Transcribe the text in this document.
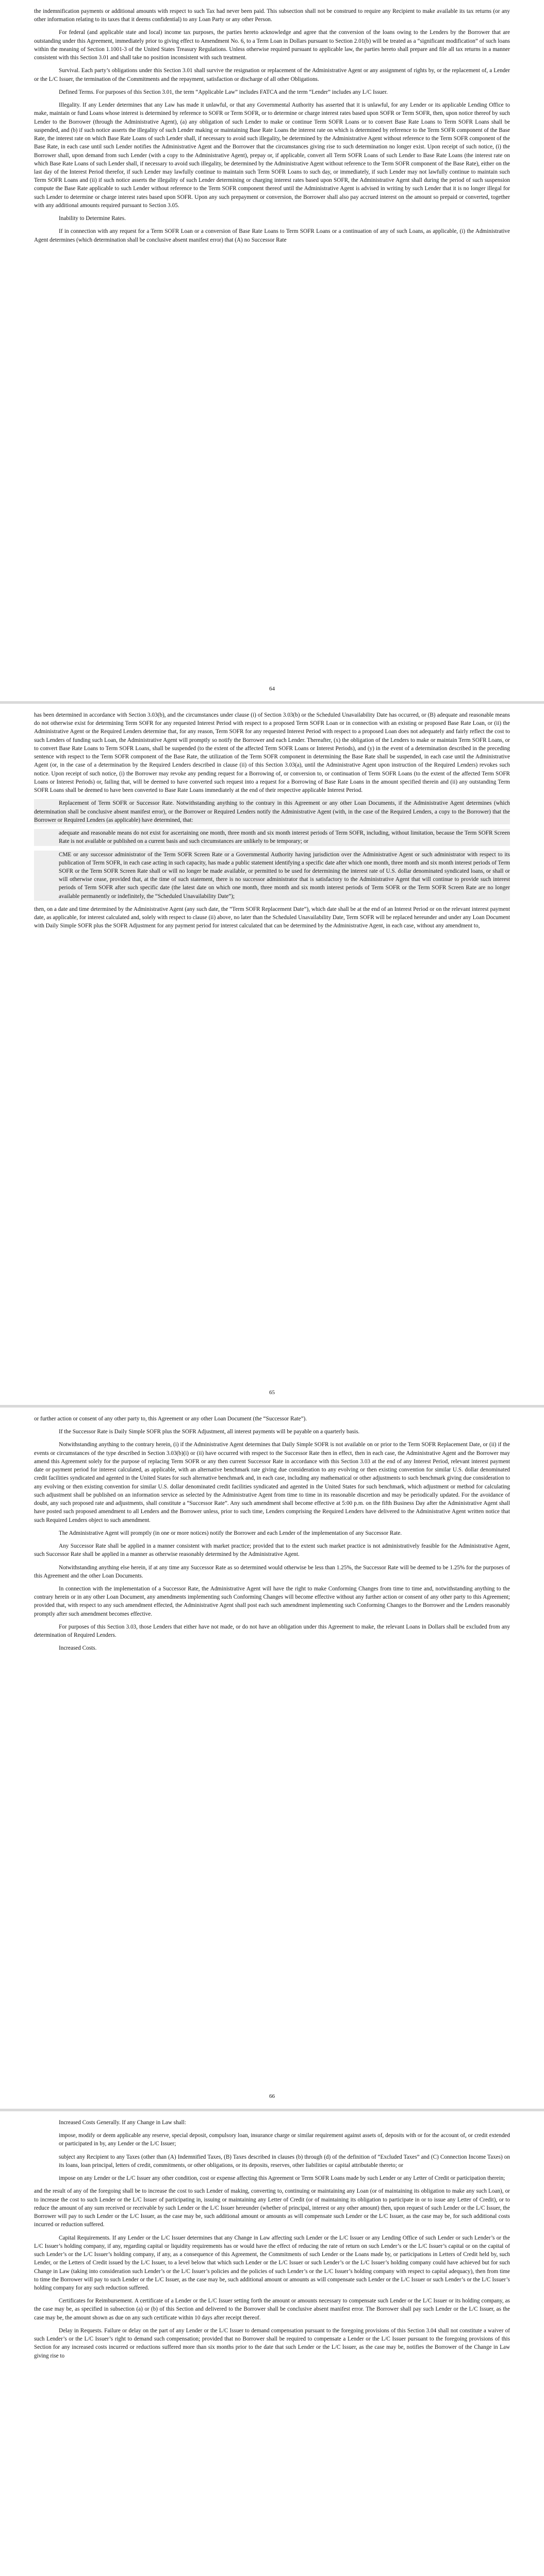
the indemnification payments or additional amounts with respect to such Tax had never been paid. This subsection shall not be construed to require any Recipient to make available its tax returns (or any other information relating to its taxes that it deems confidential) to any Loan Party or any other Person.

For federal (and applicable state and local) income tax purposes, the parties hereto acknowledge and agree that the conversion of the loans owing to the Lenders by the Borrower that are outstanding under this Agreement, immediately prior to giving effect to Amendment No. 6, to a Term Loan in Dollars pursuant to Section 2.01(b) will be treated as a “significant modification” of such loans within the meaning of Section 1.1001-3 of the United States Treasury Regulations. Unless otherwise required pursuant to applicable law, the parties hereto shall prepare and file all tax returns in a manner consistent with this Section 3.01 and shall take no position inconsistent with such treatment.

Survival. Each party’s obligations under this Section 3.01 shall survive the resignation or replacement of the Administrative Agent or any assignment of rights by, or the replacement of, a Lender or the L/C Issuer, the termination of the Commitments and the repayment, satisfaction or discharge of all other Obligations.

Defined Terms. For purposes of this Section 3.01, the term “Applicable Law” includes FATCA and the term “Lender” includes any L/C Issuer.

Illegality. If any Lender determines that any Law has made it unlawful, or that any Governmental Authority has asserted that it is unlawful, for any Lender or its applicable Lending Office to make, maintain or fund Loans whose interest is determined by reference to SOFR or Term SOFR, or to determine or charge interest rates based upon SOFR or Term SOFR, then, upon notice thereof by such Lender to the Borrower (through the Administrative Agent), (a) any obligation of such Lender to make or continue Term SOFR Loans or to convert Base Rate Loans to Term SOFR Loans shall be suspended, and (b) if such notice asserts the illegality of such Lender making or maintaining Base Rate Loans the interest rate on which is determined by reference to the Term SOFR component of the Base Rate, the interest rate on which Base Rate Loans of such Lender shall, if necessary to avoid such illegality, be determined by the Administrative Agent without reference to the Term SOFR component of the Base Rate, in each case until such Lender notifies the Administrative Agent and the Borrower that the circumstances giving rise to such determination no longer exist. Upon receipt of such notice, (i) the Borrower shall, upon demand from such Lender (with a copy to the Administrative Agent), prepay or, if applicable, convert all Term SOFR Loans of such Lender to Base Rate Loans (the interest rate on which Base Rate Loans of such Lender shall, if necessary to avoid such illegality, be determined by the Administrative Agent without reference to the Term SOFR component of the Base Rate), either on the last day of the Interest Period therefor, if such Lender may lawfully continue to maintain such Term SOFR Loans to such day, or immediately, if such Lender may not lawfully continue to maintain such Term SOFR Loans and (ii) if such notice asserts the illegality of such Lender determining or charging interest rates based upon SOFR, the Administrative Agent shall during the period of such suspension compute the Base Rate applicable to such Lender without reference to the Term SOFR component thereof until the Administrative Agent is advised in writing by such Lender that it is no longer illegal for such Lender to determine or charge interest rates based upon SOFR. Upon any such prepayment or conversion, the Borrower shall also pay accrued interest on the amount so prepaid or converted, together with any additional amounts required pursuant to Section 3.05.

Inability to Determine Rates.

If in connection with any request for a Term SOFR Loan or a conversion of Base Rate Loans to Term SOFR Loans or a continuation of any of such Loans, as applicable, (i) the Administrative Agent determines (which determination shall be conclusive absent manifest error) that (A) no Successor Rate

64

has been determined in accordance with Section 3.03(b), and the circumstances under clause (i) of Section 3.03(b) or the Scheduled Unavailability Date has occurred, or (B) adequate and reasonable means do not otherwise exist for determining Term SOFR for any requested Interest Period with respect to a proposed Term SOFR Loan or in connection with an existing or proposed Base Rate Loan, or (ii) the Administrative Agent or the Required Lenders determine that, for any reason, Term SOFR for any requested Interest Period with respect to a proposed Loan does not adequately and fairly reflect the cost to such Lenders of funding such Loan, the Administrative Agent will promptly so notify the Borrower and each Lender. Thereafter, (x) the obligation of the Lenders to make or maintain Term SOFR Loans, or to convert Base Rate Loans to Term SOFR Loans, shall be suspended (to the extent of the affected Term SOFR Loans or Interest Periods), and (y) in the event of a determination described in the preceding sentence with respect to the Term SOFR component of the Base Rate, the utilization of the Term SOFR component in determining the Base Rate shall be suspended, in each case until the Administrative Agent (or, in the case of a determination by the Required Lenders described in clause (ii) of this Section 3.03(a), until the Administrative Agent upon instruction of the Required Lenders) revokes such notice. Upon receipt of such notice, (i) the Borrower may revoke any pending request for a Borrowing of, or conversion to, or continuation of Term SOFR Loans (to the extent of the affected Term SOFR Loans or Interest Periods) or, failing that, will be deemed to have converted such request into a request for a Borrowing of Base Rate Loans in the amount specified therein and (ii) any outstanding Term SOFR Loans shall be deemed to have been converted to Base Rate Loans immediately at the end of their respective applicable Interest Period.

Replacement of Term SOFR or Successor Rate. Notwithstanding anything to the contrary in this Agreement or any other Loan Documents, if the Administrative Agent determines (which determination shall be conclusive absent manifest error), or the Borrower or Required Lenders notify the Administrative Agent (with, in the case of the Required Lenders, a copy to the Borrower) that the Borrower or Required Lenders (as applicable) have determined, that:

adequate and reasonable means do not exist for ascertaining one month, three month and six month interest periods of Term SOFR, including, without limitation, because the Term SOFR Screen Rate is not available or published on a current basis and such circumstances are unlikely to be temporary; or

CME or any successor administrator of the Term SOFR Screen Rate or a Governmental Authority having jurisdiction over the Administrative Agent or such administrator with respect to its publication of Term SOFR, in each case acting in such capacity, has made a public statement identifying a specific date after which one month, three month and six month interest periods of Term SOFR or the Term SOFR Screen Rate shall or will no longer be made available, or permitted to be used for determining the interest rate of U.S. dollar denominated syndicated loans, or shall or will otherwise cease, provided that, at the time of such statement, there is no successor administrator that is satisfactory to the Administrative Agent that will continue to provide such interest periods of Term SOFR after such specific date (the latest date on which one month, three month and six month interest periods of Term SOFR or the Term SOFR Screen Rate are no longer available permanently or indefinitely, the “Scheduled Unavailability Date”);

then, on a date and time determined by the Administrative Agent (any such date, the “Term SOFR Replacement Date”), which date shall be at the end of an Interest Period or on the relevant interest payment date, as applicable, for interest calculated and, solely with respect to clause (ii) above, no later than the Scheduled Unavailability Date, Term SOFR will be replaced hereunder and under any Loan Document with Daily Simple SOFR plus the SOFR Adjustment for any payment period for interest calculated that can be determined by the Administrative Agent, in each case, without any amendment to,

65

or further action or consent of any other party to, this Agreement or any other Loan Document (the “Successor Rate”).

If the Successor Rate is Daily Simple SOFR plus the SOFR Adjustment, all interest payments will be payable on a quarterly basis.

Notwithstanding anything to the contrary herein, (i) if the Administrative Agent determines that Daily Simple SOFR is not available on or prior to the Term SOFR Replacement Date, or (ii) if the events or circumstances of the type described in Section 3.03(b)(i) or (ii) have occurred with respect to the Successor Rate then in effect, then in each case, the Administrative Agent and the Borrower may amend this Agreement solely for the purpose of replacing Term SOFR or any then current Successor Rate in accordance with this Section 3.03 at the end of any Interest Period, relevant interest payment date or payment period for interest calculated, as applicable, with an alternative benchmark rate giving due consideration to any evolving or then existing convention for similar U.S. dollar denominated credit facilities syndicated and agented in the United States for such alternative benchmark and, in each case, including any mathematical or other adjustments to such benchmark giving due consideration to any evolving or then existing convention for similar U.S. dollar denominated credit facilities syndicated and agented in the United States for such benchmark, which adjustment or method for calculating such adjustment shall be published on an information service as selected by the Administrative Agent from time to time in its reasonable discretion and may be periodically updated. For the avoidance of doubt, any such proposed rate and adjustments, shall constitute a “Successor Rate”. Any such amendment shall become effective at 5:00 p.m. on the fifth Business Day after the Administrative Agent shall have posted such proposed amendment to all Lenders and the Borrower unless, prior to such time, Lenders comprising the Required Lenders have delivered to the Administrative Agent written notice that such Required Lenders object to such amendment.

The Administrative Agent will promptly (in one or more notices) notify the Borrower and each Lender of the implementation of any Successor Rate.

Any Successor Rate shall be applied in a manner consistent with market practice; provided that to the extent such market practice is not administratively feasible for the Administrative Agent, such Successor Rate shall be applied in a manner as otherwise reasonably determined by the Administrative Agent.

Notwithstanding anything else herein, if at any time any Successor Rate as so determined would otherwise be less than 1.25%, the Successor Rate will be deemed to be 1.25% for the purposes of this Agreement and the other Loan Documents.

In connection with the implementation of a Successor Rate, the Administrative Agent will have the right to make Conforming Changes from time to time and, notwithstanding anything to the contrary herein or in any other Loan Document, any amendments implementing such Conforming Changes will become effective without any further action or consent of any other party to this Agreement; provided that, with respect to any such amendment effected, the Administrative Agent shall post each such amendment implementing such Conforming Changes to the Borrower and the Lenders reasonably promptly after such amendment becomes effective.

For purposes of this Section 3.03, those Lenders that either have not made, or do not have an obligation under this Agreement to make, the relevant Loans in Dollars shall be excluded from any determination of Required Lenders.

Increased Costs.

66

Increased Costs Generally. If any Change in Law shall:

impose, modify or deem applicable any reserve, special deposit, compulsory loan, insurance charge or similar requirement against assets of, deposits with or for the account of, or credit extended or participated in by, any Lender or the L/C Issuer;

subject any Recipient to any Taxes (other than (A) Indemnified Taxes, (B) Taxes described in clauses (b) through (d) of the definition of “Excluded Taxes” and (C) Connection Income Taxes) on its loans, loan principal, letters of credit, commitments, or other obligations, or its deposits, reserves, other liabilities or capital attributable thereto; or

impose on any Lender or the L/C Issuer any other condition, cost or expense affecting this Agreement or Term SOFR Loans made by such Lender or any Letter of Credit or participation therein;

and the result of any of the foregoing shall be to increase the cost to such Lender of making, converting to, continuing or maintaining any Loan (or of maintaining its obligation to make any such Loan), or to increase the cost to such Lender or the L/C Issuer of participating in, issuing or maintaining any Letter of Credit (or of maintaining its obligation to participate in or to issue any Letter of Credit), or to reduce the amount of any sum received or receivable by such Lender or the L/C Issuer hereunder (whether of principal, interest or any other amount) then, upon request of such Lender or the L/C Issuer, the Borrower will pay to such Lender or the L/C Issuer, as the case may be, such additional amount or amounts as will compensate such Lender or the L/C Issuer, as the case may be, for such additional costs incurred or reduction suffered.

Capital Requirements. If any Lender or the L/C Issuer determines that any Change in Law affecting such Lender or the L/C Issuer or any Lending Office of such Lender or such Lender’s or the L/C Issuer’s holding company, if any, regarding capital or liquidity requirements has or would have the effect of reducing the rate of return on such Lender’s or the L/C Issuer’s capital or on the capital of such Lender’s or the L/C Issuer’s holding company, if any, as a consequence of this Agreement, the Commitments of such Lender or the Loans made by, or participations in Letters of Credit held by, such Lender, or the Letters of Credit issued by the L/C Issuer, to a level below that which such Lender or the L/C Issuer or such Lender’s or the L/C Issuer’s holding company could have achieved but for such Change in Law (taking into consideration such Lender’s or the L/C Issuer’s policies and the policies of such Lender’s or the L/C Issuer’s holding company with respect to capital adequacy), then from time to time the Borrower will pay to such Lender or the L/C Issuer, as the case may be, such additional amount or amounts as will compensate such Lender or the L/C Issuer or such Lender’s or the L/C Issuer’s holding company for any such reduction suffered.

Certificates for Reimbursement. A certificate of a Lender or the L/C Issuer setting forth the amount or amounts necessary to compensate such Lender or the L/C Issuer or its holding company, as the case may be, as specified in subsection (a) or (b) of this Section and delivered to the Borrower shall be conclusive absent manifest error. The Borrower shall pay such Lender or the L/C Issuer, as the case may be, the amount shown as due on any such certificate within 10 days after receipt thereof.

Delay in Requests. Failure or delay on the part of any Lender or the L/C Issuer to demand compensation pursuant to the foregoing provisions of this Section 3.04 shall not constitute a waiver of such Lender’s or the L/C Issuer’s right to demand such compensation; provided that no Borrower shall be required to compensate a Lender or the L/C Issuer pursuant to the foregoing provisions of this Section for any increased costs incurred or reductions suffered more than six months prior to the date that such Lender or the L/C Issuer, as the case may be, notifies the Borrower of the Change in Law giving rise to
